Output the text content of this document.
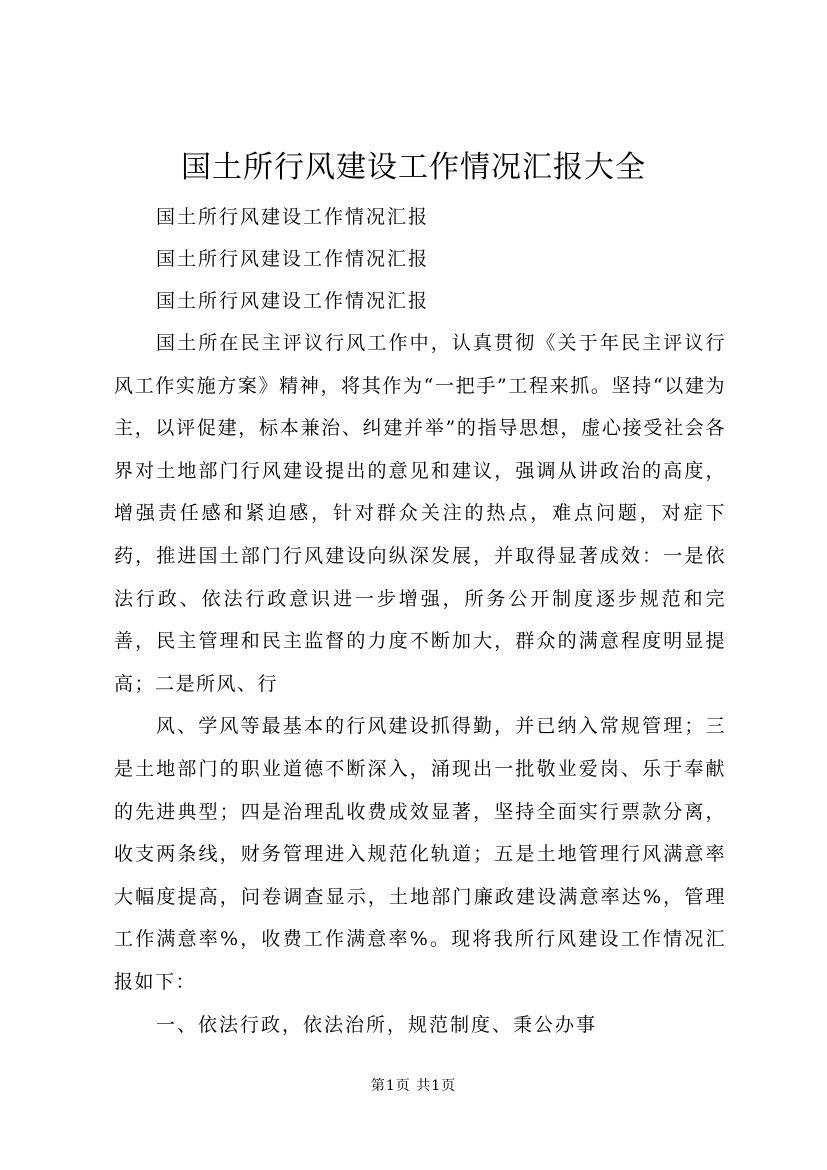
国土所行风建设工作情况汇报大全

国土所行风建设工作情况汇报

国土所行风建设工作情况汇报

国土所行风建设工作情况汇报

国土所在民主评议行风工作中，认真贯彻《关于年民主评议行风工作实施方案》精神，将其作为“一把手”工程来抓。坚持“以建为主，以评促建，标本兼治、纠建并举”的指导思想，虚心接受社会各界对土地部门行风建设提出的意见和建议，强调从讲政治的高度，增强责任感和紧迫感，针对群众关注的热点，难点问题，对症下药，推进国土部门行风建设向纵深发展，并取得显著成效：一是依法行政、依法行政意识进一步增强，所务公开制度逐步规范和完善，民主管理和民主监督的力度不断加大，群众的满意程度明显提高；二是所风、行

风、学风等最基本的行风建设抓得勤，并已纳入常规管理；三是土地部门的职业道德不断深入，涌现出一批敬业爱岗、乐于奉献的先进典型；四是治理乱收费成效显著，坚持全面实行票款分离，收支两条线，财务管理进入规范化轨道；五是土地管理行风满意率大幅度提高，问卷调查显示，土地部门廉政建设满意率达%，管理工作满意率%，收费工作满意率%。现将我所行风建设工作情况汇报如下：

一、依法行政，依法治所，规范制度、秉公办事

第1页 共1页
